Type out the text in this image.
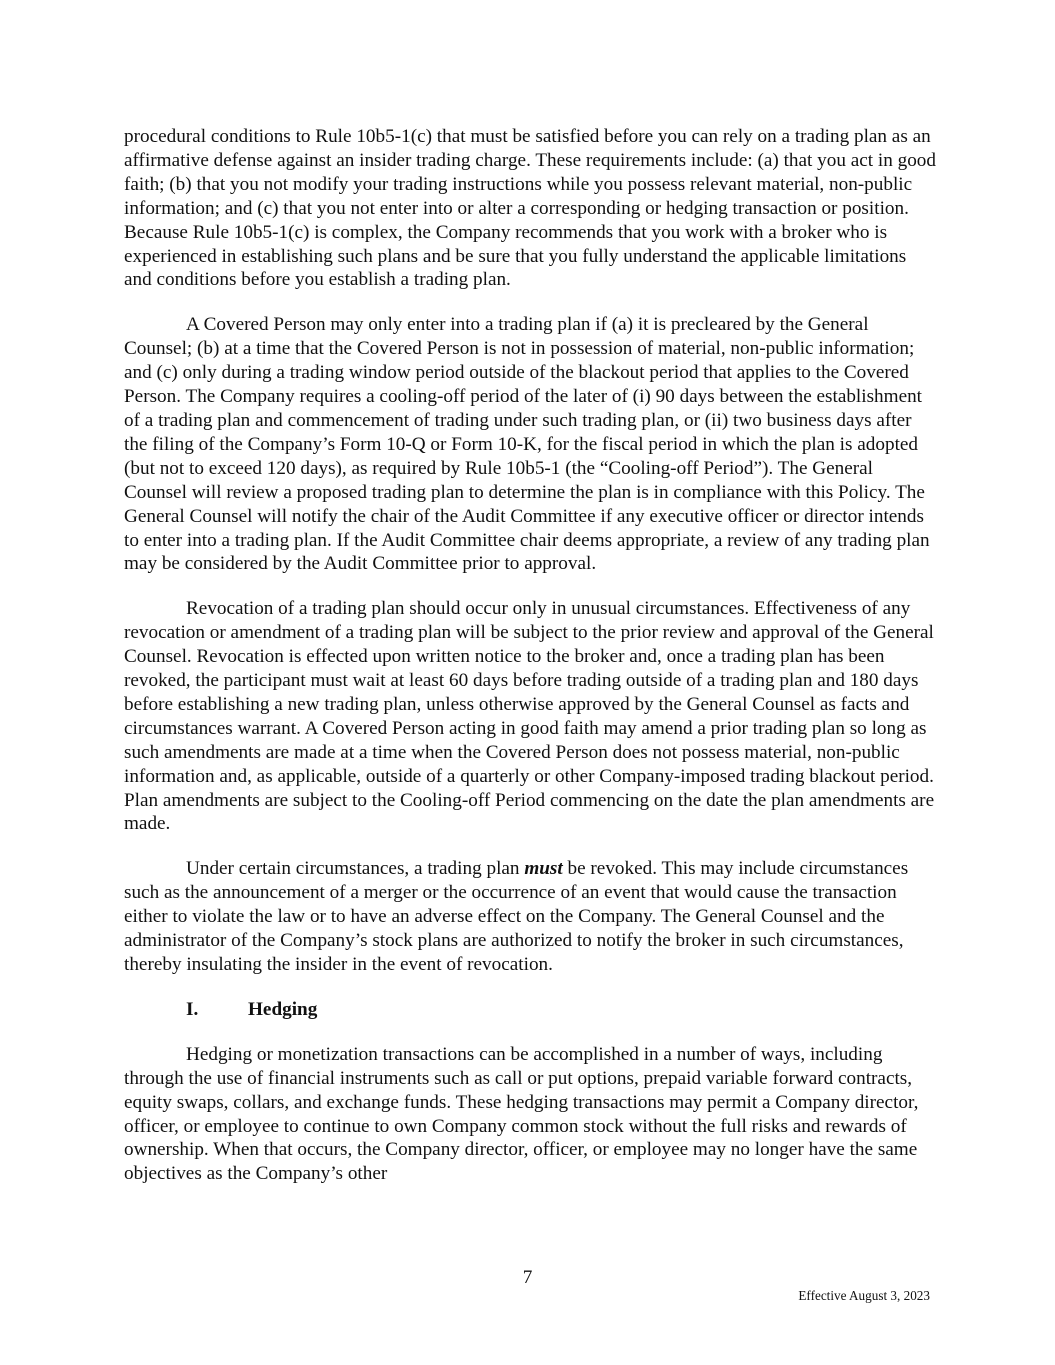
procedural conditions to Rule 10b5-1(c) that must be satisfied before you can rely on a trading plan as an affirmative defense against an insider trading charge. These requirements include: (a) that you act in good faith; (b) that you not modify your trading instructions while you possess relevant material, non-public information; and (c) that you not enter into or alter a corresponding or hedging transaction or position. Because Rule 10b5-1(c) is complex, the Company recommends that you work with a broker who is experienced in establishing such plans and be sure that you fully understand the applicable limitations and conditions before you establish a trading plan.

A Covered Person may only enter into a trading plan if (a) it is precleared by the General Counsel; (b) at a time that the Covered Person is not in possession of material, non-public information; and (c) only during a trading window period outside of the blackout period that applies to the Covered Person. The Company requires a cooling-off period of the later of (i) 90 days between the establishment of a trading plan and commencement of trading under such trading plan, or (ii) two business days after the filing of the Company’s Form 10-Q or Form 10-K, for the fiscal period in which the plan is adopted (but not to exceed 120 days), as required by Rule 10b5-1 (the “Cooling-off Period”). The General Counsel will review a proposed trading plan to determine the plan is in compliance with this Policy. The General Counsel will notify the chair of the Audit Committee if any executive officer or director intends to enter into a trading plan. If the Audit Committee chair deems appropriate, a review of any trading plan may be considered by the Audit Committee prior to approval.

Revocation of a trading plan should occur only in unusual circumstances. Effectiveness of any revocation or amendment of a trading plan will be subject to the prior review and approval of the General Counsel. Revocation is effected upon written notice to the broker and, once a trading plan has been revoked, the participant must wait at least 60 days before trading outside of a trading plan and 180 days before establishing a new trading plan, unless otherwise approved by the General Counsel as facts and circumstances warrant. A Covered Person acting in good faith may amend a prior trading plan so long as such amendments are made at a time when the Covered Person does not possess material, non-public information and, as applicable, outside of a quarterly or other Company-imposed trading blackout period. Plan amendments are subject to the Cooling-off Period commencing on the date the plan amendments are made.

Under certain circumstances, a trading plan must be revoked. This may include circumstances such as the announcement of a merger or the occurrence of an event that would cause the transaction either to violate the law or to have an adverse effect on the Company. The General Counsel and the administrator of the Company’s stock plans are authorized to notify the broker in such circumstances, thereby insulating the insider in the event of revocation.

I.	Hedging

Hedging or monetization transactions can be accomplished in a number of ways, including through the use of financial instruments such as call or put options, prepaid variable forward contracts, equity swaps, collars, and exchange funds. These hedging transactions may permit a Company director, officer, or employee to continue to own Company common stock without the full risks and rewards of ownership. When that occurs, the Company director, officer, or employee may no longer have the same objectives as the Company’s other

7
Effective August 3, 2023
